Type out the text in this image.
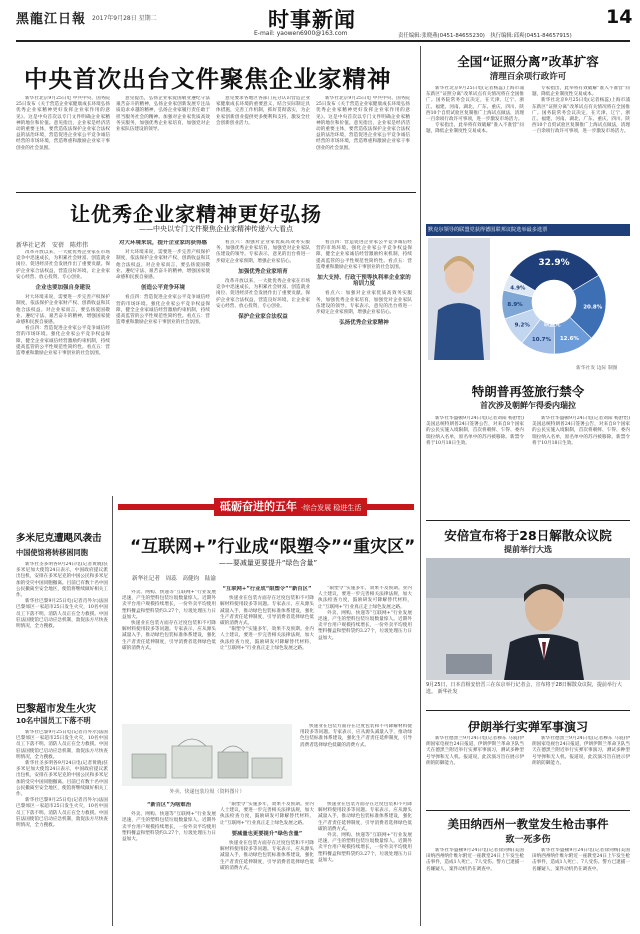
黑龍江日報 2017年9月28日 星期二	时事新闻
E-mail: yaowen6900@163.com
14
责任编辑:张晓燕(0451-84655230)　执行编辑:邱爽(0451-84657915)
中央首次出台文件聚焦企业家精神

新华社北京9月25日电 中共中央、国务院25日发布《关于营造企业家健康成长环境弘扬优秀企业家精神更好发挥企业家作用的意见》。这是中央首次以专门文件明确企业家精神的地位和价值。意见指出，企业家是经济活动的重要主体，要营造依法保护企业家合法权益的法治环境，营造促进企业家公平竞争诚信经营的市场环境，营造尊重和激励企业家干事创业的社会氛围。

意见提出，弘扬企业家爱国敬业遵纪守法艰苦奋斗的精神，弘扬企业家创新发展专注品质追求卓越的精神，弘扬企业家履行责任敢于担当服务社会的精神。加强对企业家优质高效务实服务，加强优秀企业家培育，加强党对企业家队伍建设的领导。

意见要求各地区各部门充分认识营造企业家健康成长环境的重要意义，结合实际制定具体措施，完善工作机制，抓好贯彻落实，为企业家创新创业提供更多便利和支持，激发全社会创新创业活力。

新华社北京9月25日电 中共中央、国务院25日发布《关于营造企业家健康成长环境弘扬优秀企业家精神更好发挥企业家作用的意见》。这是中央首次以专门文件明确企业家精神的地位和价值。意见指出，企业家是经济活动的重要主体，要营造依法保护企业家合法权益的法治环境，营造促进企业家公平竞争诚信经营的市场环境，营造尊重和激励企业家干事创业的社会氛围。

让优秀企业家精神更好弘扬
——中央以专门文件聚焦企业家精神传递六大看点
新华社记者　安蓓　陈炜伟

改革开放以来，一大批优秀企业家在市场竞争中迅速成长，为积累社会财富、创造就业岗位、促进经济社会发展作出了重要贡献。保护企业家合法权益，营造良好环境，让企业家安心经营、放心投资、专心创业。

企业也要加强自身建设

对大环境来说，需要进一步完善产权保护制度，依法保护企业家财产权、创新收益和其他合法权益。对企业家而言，要弘扬爱国敬业、遵纪守法、艰苦奋斗的精神，增强国家使命感和民族自豪感。

看点四：营造促进企业家公平竞争诚信经营的市场环境。强化企业家公平竞争权益保障，健全企业家诚信经营激励约束机制，持续提高监管的公平性规范性简约性。看点五：营造尊重和激励企业家干事创业的社会氛围。

对大环境来说，提升企业家的获得感

对大环境来说，需要进一步完善产权保护制度，依法保护企业家财产权、创新收益和其他合法权益。对企业家而言，要弘扬爱国敬业、遵纪守法、艰苦奋斗的精神，增强国家使命感和民族自豪感。

创造公平竞争环境

看点四：营造促进企业家公平竞争诚信经营的市场环境。强化企业家公平竞争权益保障，健全企业家诚信经营激励约束机制，持续提高监管的公平性规范性简约性。看点五：营造尊重和激励企业家干事创业的社会氛围。

看点六：加强对企业家优质高效务实服务，加强优秀企业家培育，加强党对企业家队伍建设的领导。专家表示，意见的出台将进一步稳定企业家预期，增强企业家信心。

加强优秀企业家培育

改革开放以来，一大批优秀企业家在市场竞争中迅速成长，为积累社会财富、创造就业岗位、促进经济社会发展作出了重要贡献。保护企业家合法权益，营造良好环境，让企业家安心经营、放心投资、专心创业。

保护企业家合法权益

看点四：营造促进企业家公平竞争诚信经营的市场环境。强化企业家公平竞争权益保障，健全企业家诚信经营激励约束机制，持续提高监管的公平性规范性简约性。看点五：营造尊重和激励企业家干事创业的社会氛围。

加大支持、行政干预等执利率企业家的培训力度

看点六：加强对企业家优质高效务实服务，加强优秀企业家培育，加强党对企业家队伍建设的领导。专家表示，意见的出台将进一步稳定企业家预期，增强企业家信心。

弘扬优秀企业家精神
多米尼克遭飓风袭击
中国使馆将转移困同胞

新华社圣多明各9月24日电(记者黄晓)驻多米尼加大使馆24日表示，中国政府提议派出包机，安排在多米尼克的中国公民和多米尼加的受灾中国同胞撤离。目前已有数十名中国公民撤离至安全地区，使馆将继续做好相关工作。

新华社巴黎9月25日电(记者肖外尔)法国巴黎郊区一家超市25日发生火灾，10名中国员工下落不明。消防人员正在全力救援。中国驻法国使馆已启动应急机制，敦促法方尽快查明情况，全力搜救。

巴黎超市发生火灾
10名中国员工下落不明

新华社巴黎9月25日电(记者肖外尔)法国巴黎郊区一家超市25日发生火灾，10名中国员工下落不明。消防人员正在全力救援。中国驻法国使馆已启动应急机制，敦促法方尽快查明情况，全力搜救。

新华社圣多明各9月24日电(记者黄晓)驻多米尼加大使馆24日表示，中国政府提议派出包机，安排在多米尼克的中国公民和多米尼加的受灾中国同胞撤离。目前已有数十名中国公民撤离至安全地区，使馆将继续做好相关工作。

新华社巴黎9月25日电(记者肖外尔)法国巴黎郊区一家超市25日发生火灾，10名中国员工下落不明。消防人员正在全力救援。中国驻法国使馆已启动应急机制，敦促法方尽快查明情况，全力搜救。

砥砺奋进的五年 ·综合发展 稳进生活
“互联网+”行业成“限塑令”“重灾区”
——要减量更要提升“绿色含量”
新华社记者　周蕊　高健钧　陆渝

外卖、网购、快递等“互联网+”行业发展迅速，产生的塑料包装垃圾数量惊人。近期外卖平台用户规模持续增长，一份外卖平均使用塑料餐盒和塑料袋约3.27个，垃圾处理压力日益加大。

快递业在包装方面存在过度包装和不可降解材料使用较多等问题。专家表示，应从源头减量入手，推动绿色包装标准体系建设，强化生产者责任延伸制度，引导消费者选择绿色低碳的消费方式。

“互联网+”行业成“限塑令”“新百区”

快递业在包装方面存在过度包装和不可降解材料使用较多等问题。专家表示，应从源头减量入手，推动绿色包装标准体系建设，强化生产者责任延伸制度，引导消费者选择绿色低碳的消费方式。

“限塑令”实施多年，效果不及预期。业内人士建议，要进一步完善相关法律法规，加大执法检查力度，鼓励研发可降解替代材料，让“互联网+”行业真正走上绿色发展之路。

“限塑令”实施多年，效果不及预期。业内人士建议，要进一步完善相关法律法规，加大执法检查力度，鼓励研发可降解替代材料，让“互联网+”行业真正走上绿色发展之路。

外卖、网购、快递等“互联网+”行业发展迅速，产生的塑料包装垃圾数量惊人。近期外卖平台用户规模持续增长，一份外卖平均使用塑料餐盒和塑料袋约3.27个，垃圾处理压力日益加大。

外卖、快递包装垃圾（资料图片）

快递业在包装方面存在过度包装和不可降解材料使用较多等问题。专家表示，应从源头减量入手，推动绿色包装标准体系建设，强化生产者责任延伸制度，引导消费者选择绿色低碳的消费方式。

“新百区”为啥难治

外卖、网购、快递等“互联网+”行业发展迅速，产生的塑料包装垃圾数量惊人。近期外卖平台用户规模持续增长，一份外卖平均使用塑料餐盒和塑料袋约3.27个，垃圾处理压力日益加大。

“限塑令”实施多年，效果不及预期。业内人士建议，要进一步完善相关法律法规，加大执法检查力度，鼓励研发可降解替代材料，让“互联网+”行业真正走上绿色发展之路。

要减量也更要提升“绿色含量”

快递业在包装方面存在过度包装和不可降解材料使用较多等问题。专家表示，应从源头减量入手，推动绿色包装标准体系建设，强化生产者责任延伸制度，引导消费者选择绿色低碳的消费方式。

快递业在包装方面存在过度包装和不可降解材料使用较多等问题。专家表示，应从源头减量入手，推动绿色包装标准体系建设，强化生产者责任延伸制度，引导消费者选择绿色低碳的消费方式。

外卖、网购、快递等“互联网+”行业发展迅速，产生的塑料包装垃圾数量惊人。近期外卖平台用户规模持续增长，一份外卖平均使用塑料餐盒和塑料袋约3.27个，垃圾处理压力日益加大。

全国“证照分离”改革扩容
清理百余项行政许可

新华社北京9月25日电(记者杨蕊)上海市浦东新区“证照分离”改革试点有关情况将在全国推广。国务院常务会议决定，在天津、辽宁、浙江、福建、河南、湖北、广东、重庆、四川、陕西10个自贸试验区复制推广上海试点做法，清理一百余项行政许可事项，进一步激发市场活力。

专家指出，此举将有效破解“准入不准营”问题，降低企业制度性交易成本。

专家指出，此举将有效破解“准入不准营”问题，降低企业制度性交易成本。

新华社北京9月25日电(记者杨蕊)上海市浦东新区“证照分离”改革试点有关情况将在全国推广。国务院常务会议决定，在天津、辽宁、浙江、福建、河南、湖北、广东、重庆、四川、陕西10个自贸试验区复制推广上海试点做法，清理一百余项行政许可事项，进一步激发市场活力。

默克尔领导的联盟党获得德国联邦议院选举最多选票
32.9%
20.8%
12.6%
10.7%
9.2%
8.9%
4.9%
联盟党
新华社发 边际 制图
特朗普再签旅行禁令
首次涉及朝鲜乍得委内瑞拉

新华社华盛顿9月24日电(记者刘阳 杨舒怡)美国总统特朗普24日签署公告，对来自8个国家的公民实施入境限制，首次将朝鲜、乍得、委内瑞拉纳入名单，原名单中的苏丹被移除。新禁令将于10月18日生效。

新华社华盛顿9月24日电(记者刘阳 杨舒怡)美国总统特朗普24日签署公告，对来自8个国家的公民实施入境限制，首次将朝鲜、乍得、委内瑞拉纳入名单，原名单中的苏丹被移除。新禁令将于10月18日生效。

安倍宣布将于28日解散众议院
提前举行大选
9月25日，日本首相安倍晋三在东京举行记者会，宣布将于28日解散众议院，提前举行大选。 新华社发
伊朗举行实弹军事演习

新华社德黑兰9月24日电(记者穆东 马骁)伊朗国家电视台24日报道，伊朗伊斯兰革命卫队当天在德黑兰附近举行实弹军事演习，测试多种型号导弹和无人机。报道说，此次演习旨在展示伊朗的防御能力。

新华社德黑兰9月24日电(记者穆东 马骁)伊朗国家电视台24日报道，伊朗伊斯兰革命卫队当天在德黑兰附近举行实弹军事演习，测试多种型号导弹和无人机。报道说，此次演习旨在展示伊朗的防御能力。

美田纳西州一教堂发生枪击事件
致一死多伤

新华社华盛顿9月24日电(记者徐剑梅)美国田纳西州纳什维尔附近一座教堂24日上午发生枪击事件，造成1人死亡、7人受伤。警方已逮捕一名嫌疑人，案件动机仍在调查中。

新华社华盛顿9月24日电(记者徐剑梅)美国田纳西州纳什维尔附近一座教堂24日上午发生枪击事件，造成1人死亡、7人受伤。警方已逮捕一名嫌疑人，案件动机仍在调查中。
